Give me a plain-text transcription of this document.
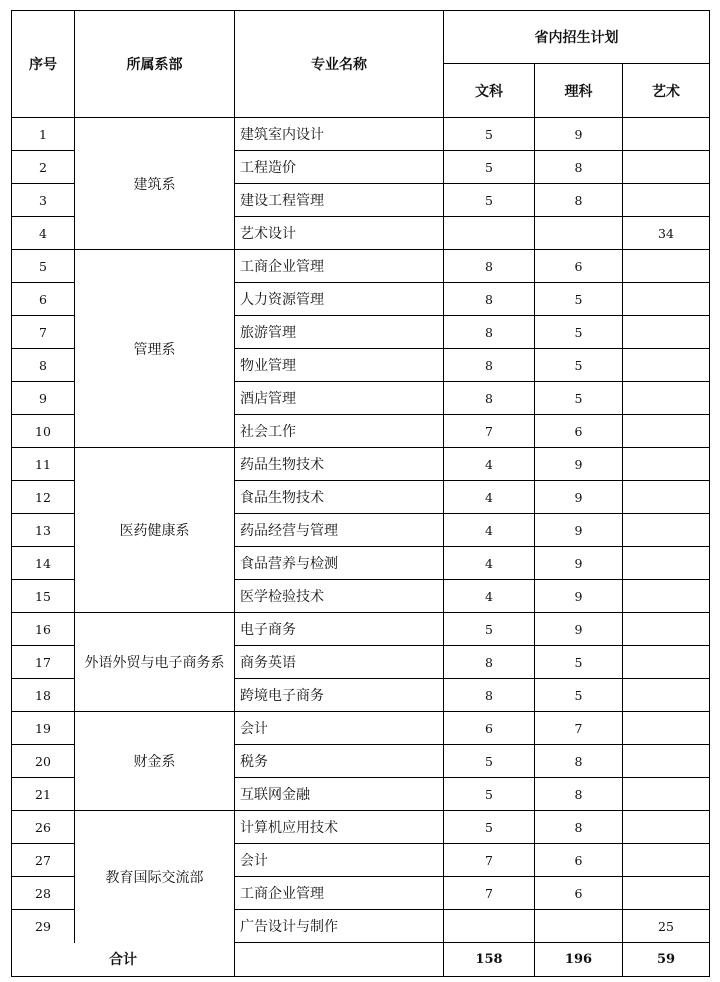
序号	所属系部	专业名称	省内招生计划		
			文科	理科	艺术
1	建筑系	建筑室内设计	5	9	
2		工程造价	5	8	
3		建设工程管理	5	8	
4		艺术设计			34
5	管理系	工商企业管理	8	6	
6		人力资源管理	8	5	
7		旅游管理	8	5	
8		物业管理	8	5	
9		酒店管理	8	5	
10		社会工作	7	6	
11	医药健康系	药品生物技术	4	9	
12		食品生物技术	4	9	
13		药品经营与管理	4	9	
14		食品营养与检测	4	9	
15		医学检验技术	4	9	
16	外语外贸与电子商务系	电子商务	5	9	
17		商务英语	8	5	
18		跨境电子商务	8	5	
19	财金系	会计	6	7	
20		税务	5	8	
21		互联网金融	5	8	
26	教育国际交流部	计算机应用技术	5	8	
27		会计	7	6	
28		工商企业管理	7	6	
29		广告设计与制作			25
合计			158	196	59
